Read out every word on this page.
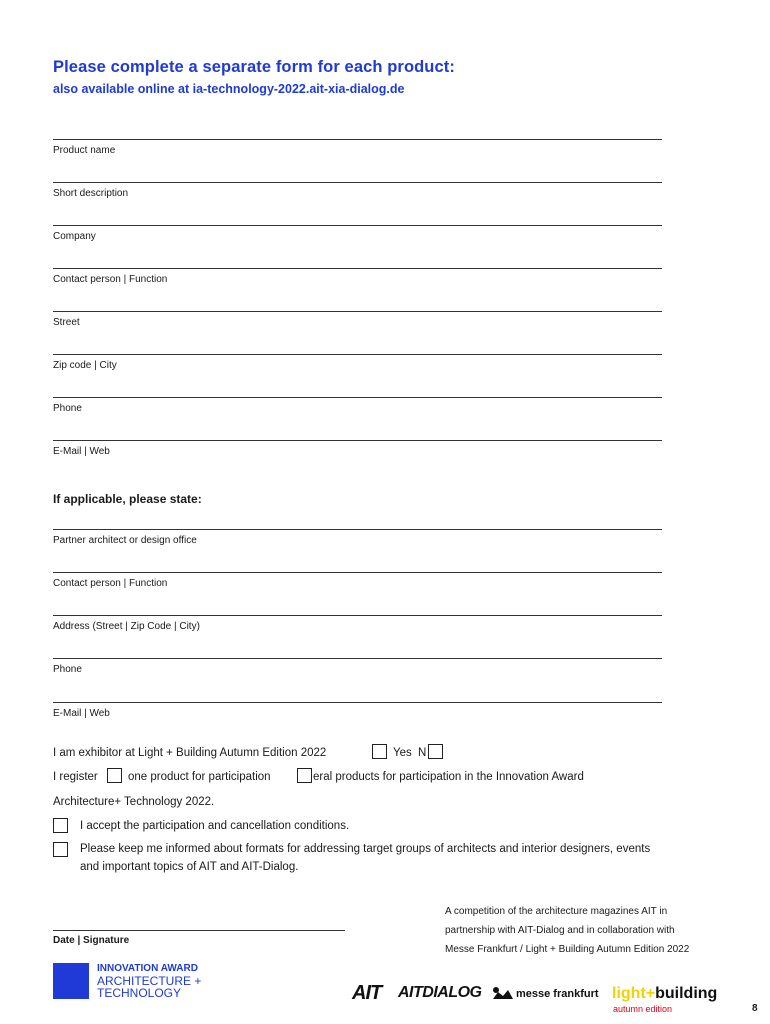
Please complete a separate form for each product:
also available online at ia-technology-2022.ait-xia-dialog.de
Product name
Short description
Company
Contact person | Function
Street
Zip code | City
Phone
E-Mail | Web
If applicable, please state:
Partner architect or design office
Contact person | Function
Address (Street | Zip Code | City)
Phone
E-Mail | Web
I am exhibitor at Light + Building Autumn Edition 2022	Yes N
I register	one product for participation	eral products for participation in the Innovation Award
Architecture+ Technology 2022.
I accept the participation and cancellation conditions.
Please keep me informed about formats for addressing target groups of architects and interior designers, events
and important topics of AIT and AIT-Dialog.
Date | Signature
A competition of the architecture magazines AIT in
partnership with AIT-Dialog and in collaboration with
Messe Frankfurt / Light + Building Autumn Edition 2022
INNOVATION AWARD
ARCHITECTURE +
TECHNOLOGY	AIT AITDIALOG	messe frankfurt light+building
autumn edition	8
